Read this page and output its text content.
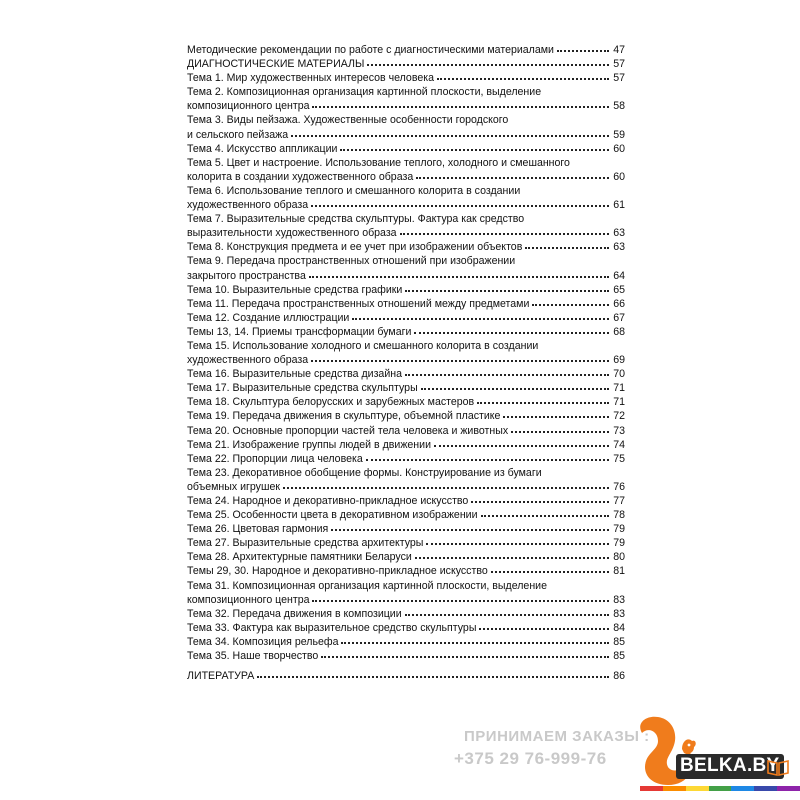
Методические рекомендации по работе с диагностическими материалами	47
ДИАГНОСТИЧЕСКИЕ МАТЕРИАЛЫ	57
Тема 1. Мир художественных интересов человека	57
Тема 2. Композиционная организация картинной плоскости, выделение
композиционного центра	58
Тема 3. Виды пейзажа. Художественные особенности городского
и сельского пейзажа	59
Тема 4. Искусство аппликации	60
Тема 5. Цвет и настроение. Использование теплого, холодного и смешанного
колорита в создании художественного образа	60
Тема 6. Использование теплого и смешанного колорита в создании
художественного образа	61
Тема 7. Выразительные средства скульптуры. Фактура как средство
выразительности художественного образа	63
Тема 8. Конструкция предмета и ее учет при изображении объектов	63
Тема 9. Передача пространственных отношений при изображении
закрытого пространства	64
Тема 10. Выразительные средства графики	65
Тема 11. Передача пространственных отношений между предметами	66
Тема 12. Создание иллюстрации	67
Темы 13, 14. Приемы трансформации бумаги	68
Тема 15. Использование холодного и смешанного колорита в создании
художественного образа	69
Тема 16. Выразительные средства дизайна	70
Тема 17. Выразительные средства скульптуры	71
Тема 18. Скульптура белорусских и зарубежных мастеров	71
Тема 19. Передача движения в скульптуре, объемной пластике	72
Тема 20. Основные пропорции частей тела человека и животных	73
Тема 21. Изображение группы людей в движении	74
Тема 22. Пропорции лица человека	75
Тема 23. Декоративное обобщение формы. Конструирование из бумаги
объемных игрушек	76
Тема 24. Народное и декоративно-прикладное искусство	77
Тема 25. Особенности цвета в декоративном изображении	78
Тема 26. Цветовая гармония	79
Тема 27. Выразительные средства архитектуры	79
Тема 28. Архитектурные памятники Беларуси	80
Темы 29, 30. Народное и декоративно-прикладное искусство	81
Тема 31. Композиционная организация картинной плоскости, выделение
композиционного центра	83
Тема 32. Передача движения в композиции	83
Тема 33. Фактура как выразительное средство скульптуры	84
Тема 34. Композиция рельефа	85
Тема 35. Наше творчество	85
ЛИТЕРАТУРА	86
ПРИНИМАЕМ ЗАКАЗЫ :
+375 29 76-999-76	BELKA.BY
